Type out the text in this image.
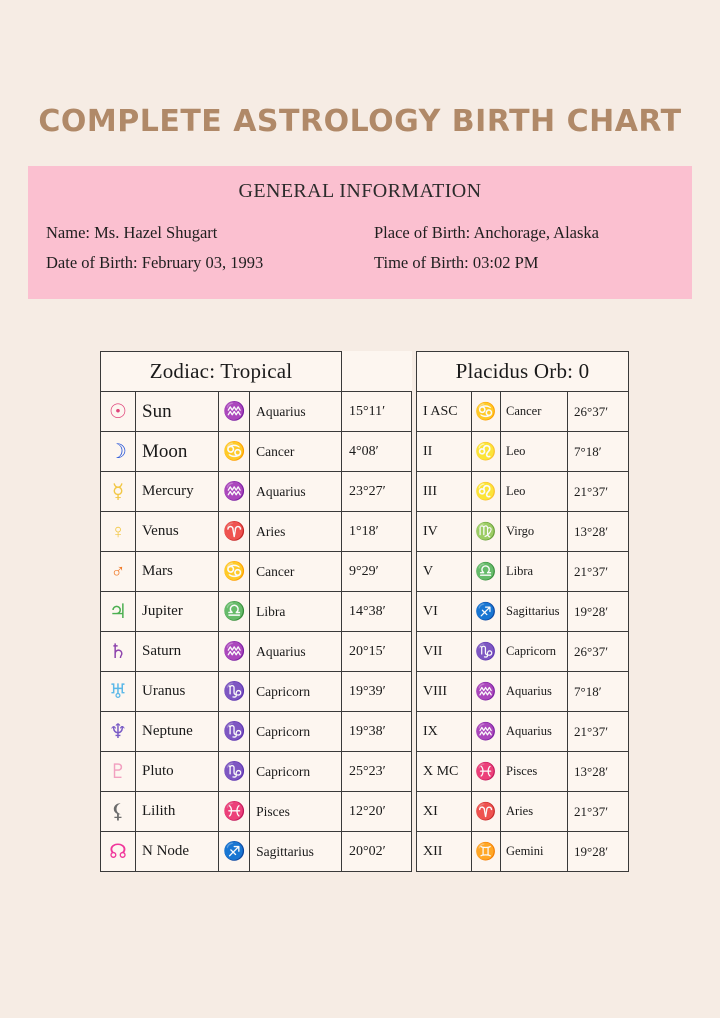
COMPLETE ASTROLOGY BIRTH CHART
GENERAL INFORMATION
Name: Ms. Hazel Shugart	Place of Birth: Anchorage, Alaska
Date of Birth: February 03, 1993	Time of Birth: 03:02 PM
Zodiac: Tropical				
☉	Sun	♒	Aquarius	15°11′
☽	Moon	♋	Cancer	4°08′
☿	Mercury	♒	Aquarius	23°27′
♀	Venus	♈	Aries	1°18′
♂	Mars	♋	Cancer	9°29′
♃	Jupiter	♎	Libra	14°38′
♄	Saturn	♒	Aquarius	20°15′
♅	Uranus	♑	Capricorn	19°39′
♆	Neptune	♑	Capricorn	19°38′
♇	Pluto	♑	Capricorn	25°23′
⚸	Lilith	♓	Pisces	12°20′
☊	N Node	♐	Sagittarius	20°02′
Placidus Orb: 0			
I ASC	♋	Cancer	26°37′
II	♌	Leo	7°18′
III	♌	Leo	21°37′
IV	♍	Virgo	13°28′
V	♎	Libra	21°37′
VI	♐	Sagittarius	19°28′
VII	♑	Capricorn	26°37′
VIII	♒	Aquarius	7°18′
IX	♒	Aquarius	21°37′
X MC	♓	Pisces	13°28′
XI	♈	Aries	21°37′
XII	♊	Gemini	19°28′
